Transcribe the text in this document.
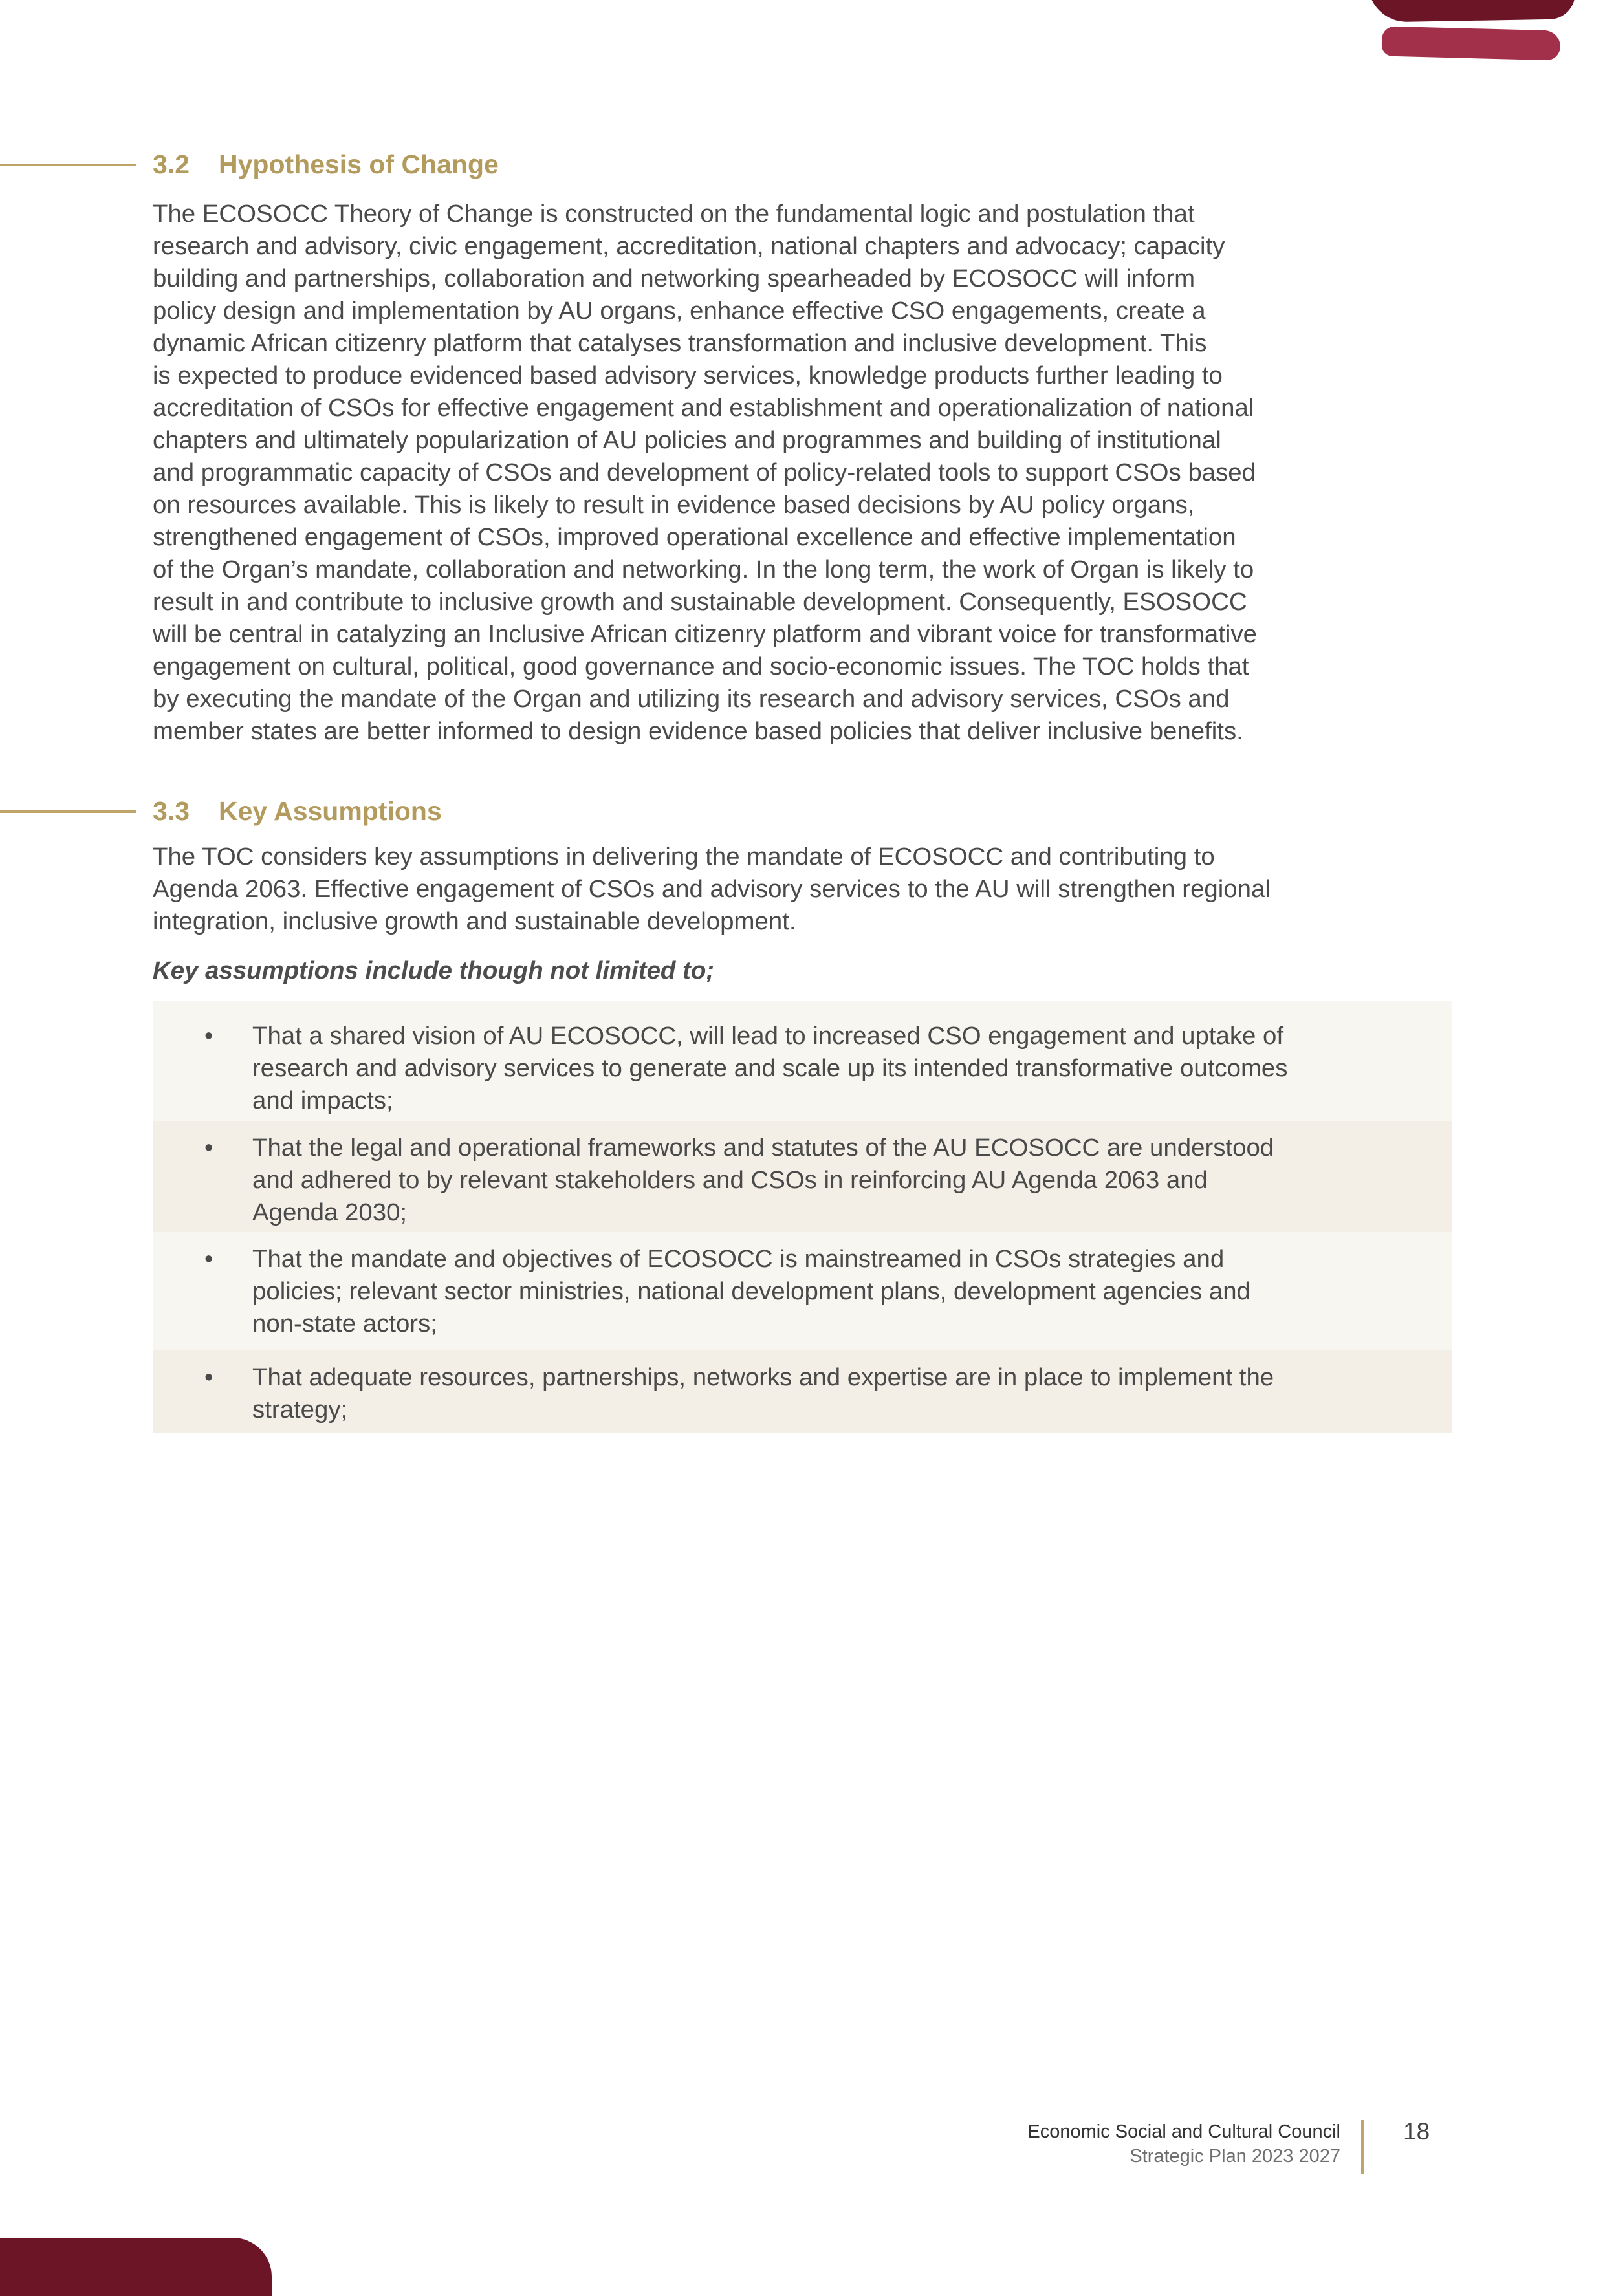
3.2 Hypothesis of Change
The ECOSOCC Theory of Change is constructed on the fundamental logic and postulation that
research and advisory, civic engagement, accreditation, national chapters and advocacy; capacity
building and partnerships, collaboration and networking spearheaded by ECOSOCC will inform
policy design and implementation by AU organs, enhance effective CSO engagements, create a
dynamic African citizenry platform that catalyses transformation and inclusive development. This
is expected to produce evidenced based advisory services, knowledge products further leading to
accreditation of CSOs for effective engagement and establishment and operationalization of national
chapters and ultimately popularization of AU policies and programmes and building of institutional
and programmatic capacity of CSOs and development of policy-related tools to support CSOs based
on resources available. This is likely to result in evidence based decisions by AU policy organs,
strengthened engagement of CSOs, improved operational excellence and effective implementation
of the Organ’s mandate, collaboration and networking. In the long term, the work of Organ is likely to
result in and contribute to inclusive growth and sustainable development. Consequently, ESOSOCC
will be central in catalyzing an Inclusive African citizenry platform and vibrant voice for transformative
engagement on cultural, political, good governance and socio-economic issues. The TOC holds that
by executing the mandate of the Organ and utilizing its research and advisory services, CSOs and
member states are better informed to design evidence based policies that deliver inclusive benefits.
3.3 Key Assumptions
The TOC considers key assumptions in delivering the mandate of ECOSOCC and contributing to
Agenda 2063. Effective engagement of CSOs and advisory services to the AU will strengthen regional
integration, inclusive growth and sustainable development.
Key assumptions include though not limited to;
• That a shared vision of AU ECOSOCC, will lead to increased CSO engagement and uptake of
research and advisory services to generate and scale up its intended transformative outcomes
and impacts;
• That the legal and operational frameworks and statutes of the AU ECOSOCC are understood
and adhered to by relevant stakeholders and CSOs in reinforcing AU Agenda 2063 and
Agenda 2030;
• That the mandate and objectives of ECOSOCC is mainstreamed in CSOs strategies and
policies; relevant sector ministries, national development plans, development agencies and
non-state actors;
• That adequate resources, partnerships, networks and expertise are in place to implement the
strategy;
Economic Social and Cultural Council
Strategic Plan 2023 2027
18
